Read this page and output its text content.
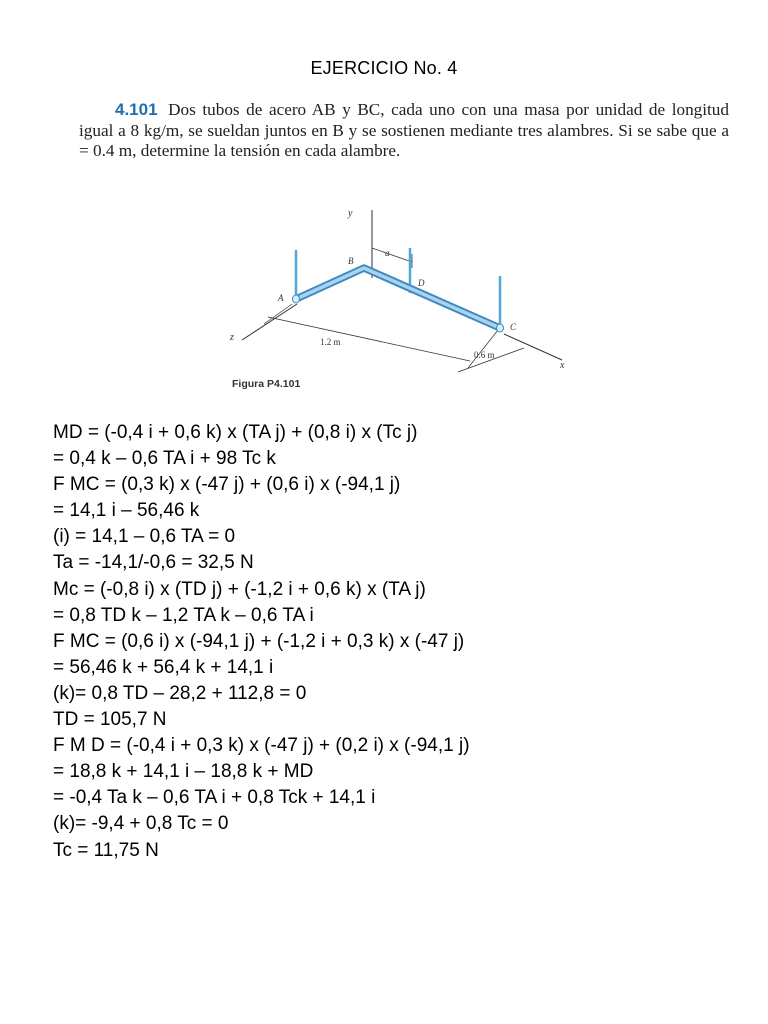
EJERCICIO No. 4
4.101 Dos tubos de acero AB y BC, cada uno con una masa por unidad de longitud igual a 8 kg/m, se sueldan juntos en B y se sostienen mediante tres alambres. Si se sabe que a = 0.4 m, determine la tensión en cada alambre.
y
a
z
x
1.2 m
0.6 m
B
D
A
C
Figura P4.101
MD = (-0,4 i + 0,6 k) x (TA j) + (0,8 i) x (Tc j)
= 0,4 k – 0,6 TA i + 98 Tc k
F MC = (0,3 k) x (-47 j) + (0,6 i) x (-94,1 j)
= 14,1 i – 56,46 k
(i) = 14,1 – 0,6 TA = 0
Ta = -14,1/-0,6 = 32,5 N
Mc = (-0,8 i) x (TD j) + (-1,2 i + 0,6 k) x (TA j)
= 0,8 TD k – 1,2 TA k – 0,6 TA i
F MC = (0,6 i) x (-94,1 j) + (-1,2 i + 0,3 k) x (-47 j)
= 56,46 k + 56,4 k + 14,1 i
(k)= 0,8 TD – 28,2 + 112,8 = 0
TD = 105,7 N
F M D = (-0,4 i + 0,3 k) x (-47 j) + (0,2 i) x (-94,1 j)
= 18,8 k + 14,1 i – 18,8 k + MD
= -0,4 Ta k – 0,6 TA i + 0,8 Tck + 14,1 i
(k)= -9,4 + 0,8 Tc = 0
Tc = 11,75 N
